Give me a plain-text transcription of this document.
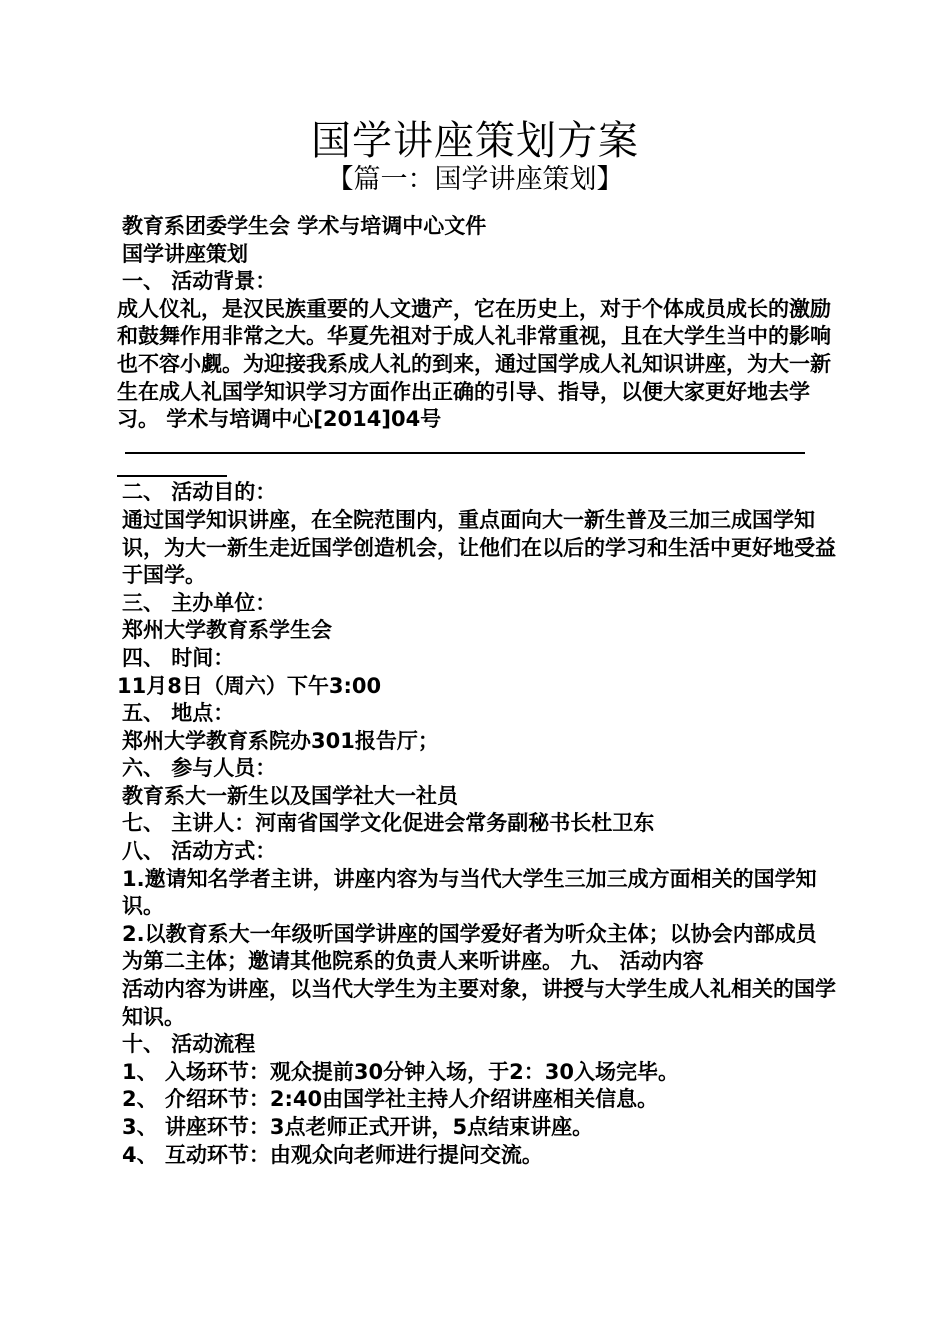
国学讲座策划方案
【篇一：国学讲座策划】

教育系团委学生会 学术与培调中心文件

国学讲座策划

一、 活动背景：

成人仪礼，是汉民族重要的人文遗产，它在历史上，对于个体成员成长的激励和鼓舞作用非常之大。华夏先祖对于成人礼非常重视，且在大学生当中的影响也不容小觑。为迎接我系成人礼的到来，通过国学成人礼知识讲座，为大一新生在成人礼国学知识学习方面作出正确的引导、指导，以便大家更好地去学习。 学术与培调中心[2014]04号

二、 活动目的：

通过国学知识讲座，在全院范围内，重点面向大一新生普及三加三成国学知识，为大一新生走近国学创造机会，让他们在以后的学习和生活中更好地受益于国学。

三、 主办单位：

郑州大学教育系学生会

四、 时间：

11月8日（周六）下午3:00

五、 地点：

郑州大学教育系院办301报告厅；

六、 参与人员：

教育系大一新生以及国学社大一社员

七、 主讲人：河南省国学文化促进会常务副秘书长杜卫东

八、 活动方式：

1.邀请知名学者主讲，讲座内容为与当代大学生三加三成方面相关的国学知识。

2.以教育系大一年级听国学讲座的国学爱好者为听众主体；以协会内部成员为第二主体；邀请其他院系的负责人来听讲座。 九、 活动内容

活动内容为讲座，以当代大学生为主要对象，讲授与大学生成人礼相关的国学知识。

十、 活动流程

1、 入场环节：观众提前30分钟入场，于2：30入场完毕。

2、 介绍环节：2:40由国学社主持人介绍讲座相关信息。

3、 讲座环节：3点老师正式开讲，5点结束讲座。

4、 互动环节：由观众向老师进行提问交流。
